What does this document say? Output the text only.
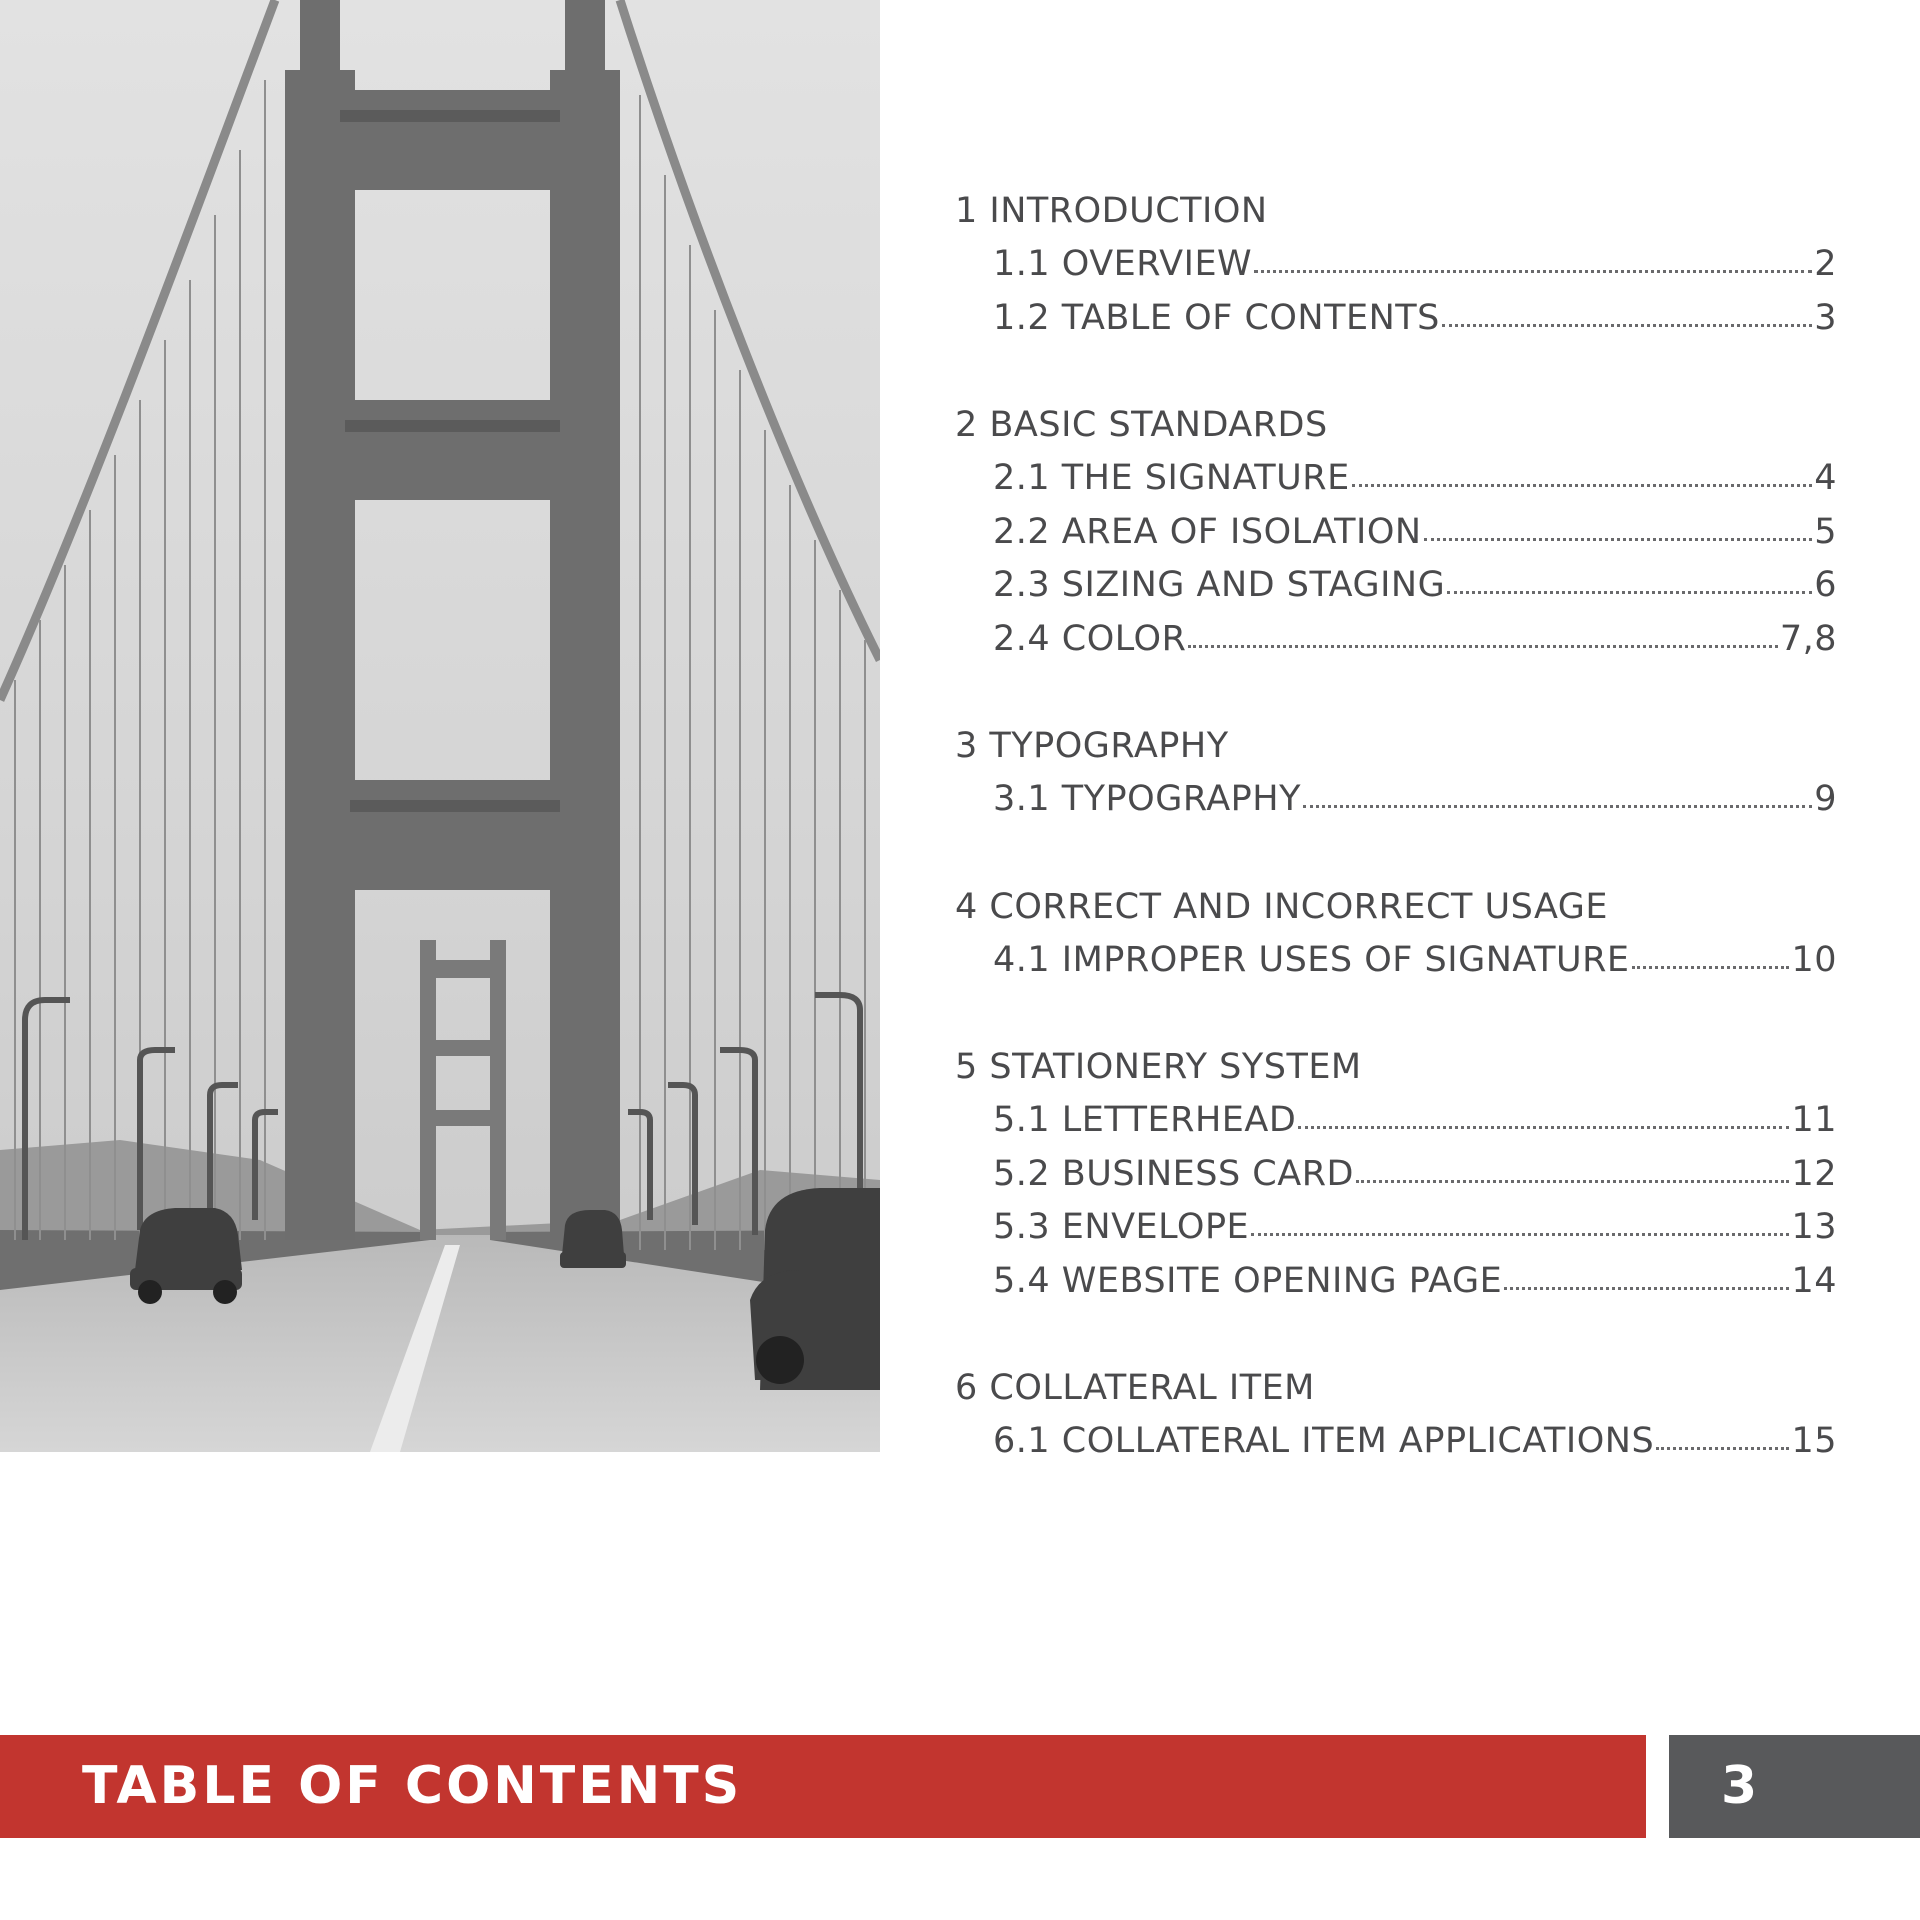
1 INTRODUCTION
1.1 OVERVIEW	2
1.2 TABLE OF CONTENTS	3
2 BASIC STANDARDS
2.1 THE SIGNATURE	4
2.2 AREA OF ISOLATION	5
2.3 SIZING AND STAGING	6
2.4 COLOR	7,8
3 TYPOGRAPHY
3.1 TYPOGRAPHY	9
4 CORRECT AND INCORRECT USAGE
4.1 IMPROPER USES OF SIGNATURE	10
5 STATIONERY SYSTEM
5.1 LETTERHEAD	11
5.2 BUSINESS CARD	12
5.3 ENVELOPE	13
5.4 WEBSITE OPENING PAGE	14
6 COLLATERAL ITEM
6.1 COLLATERAL ITEM APPLICATIONS	15
TABLE OF CONTENTS	3
